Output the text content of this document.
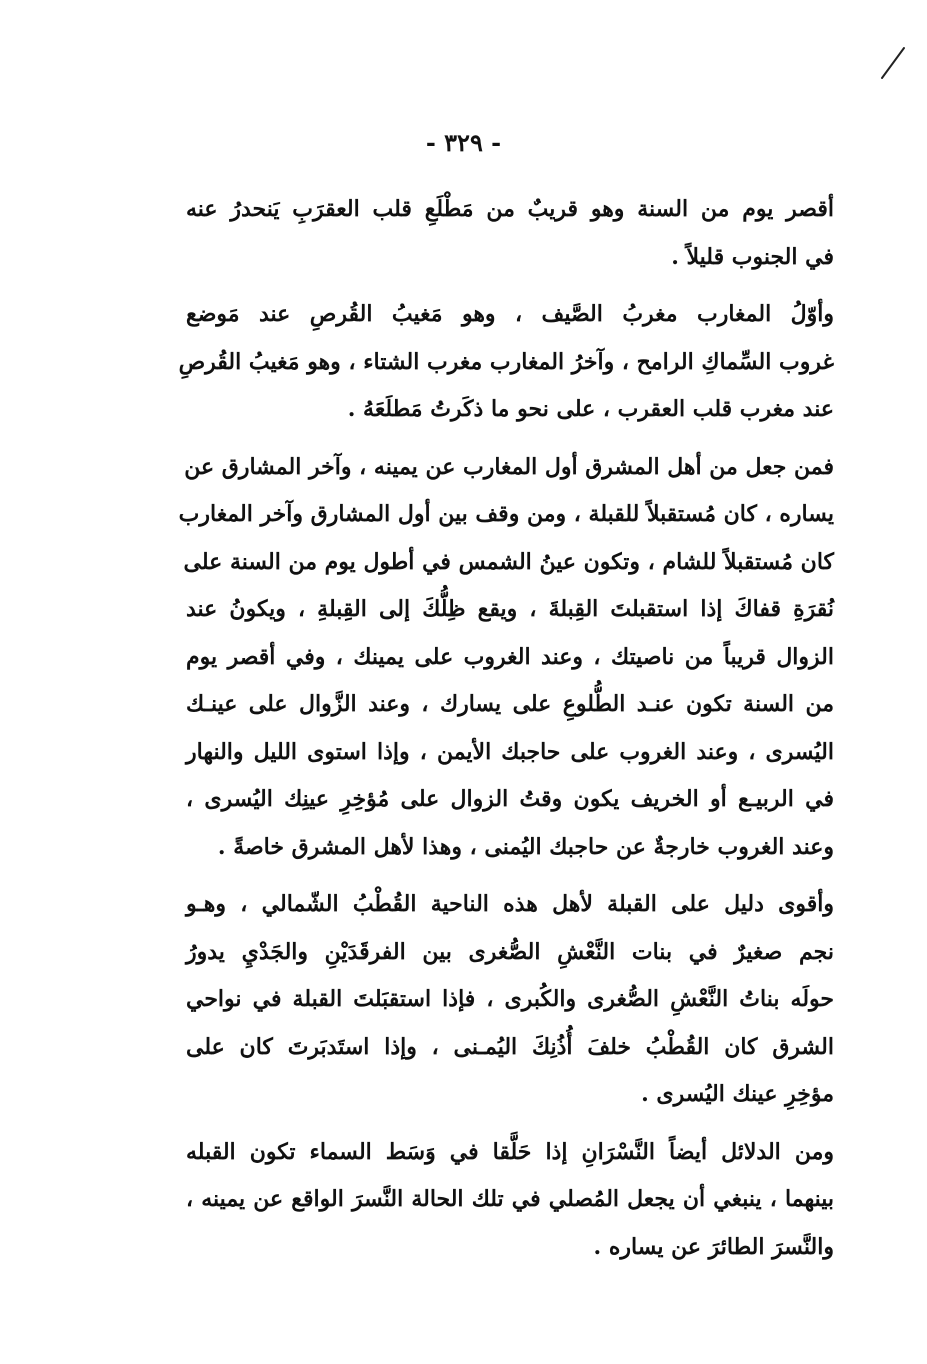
- ٣٢٩ -
أقصر يوم من السنة وهو قريبٌ من مَطْلَعِ قلب العقرَبِ يَنحدرُ عنه
في الجنوب قليلاً .
وأوّلُ المغارب مغربُ الصَّيف ، وهو مَغيبُ القُرصِ عند مَوضع
غروب السِّماكِ الرامح ، وآخرُ المغارب مغرب الشتاء ، وهو مَغيبُ القُرصِ
عند مغرب قلب العقرب ، على نحو ما ذكَرتُ مَطلَعَهُ .
فمن جعل من أهل المشرق أول المغارب عن يمينه ، وآخر المشارق عن
يساره ، كان مُستقبلاً للقبلة ، ومن وقف بين أول المشارق وآخر المغارب
كان مُستقبلاً للشام ، وتكون عينُ الشمس في أطول يوم من السنة على
نُقرَةِ قفاكَ إذا استقبلتَ القِبلةَ ، ويقع ظِلُّكَ إلى القِبلةِ ، ويكونُ عند
الزوال قريباً من ناصيتك ، وعند الغروب على يمينك ، وفي أقصر يوم
من السنة تكون عنـد الطُّلوعِ على يسارك ، وعند الزَّوال على عينـك
اليُسرى ، وعند الغروب على حاجبك الأيمن ، وإذا استوى الليل والنهار
في الربيـع أو الخريف يكون وقتُ الزوال على مُؤخِرِ عينِك اليُسرى ،
وعند الغروب خارجةٌ عن حاجبك اليُمنى ، وهذا لأهل المشرق خاصةً .
وأقوى دليل على القبلة لأهل هذه الناحية القُطْبُ الشّمالي ، وهـو
نجم صغيرٌ في بنات النَّعْشِ الصُّغرى بين الفرقَدَيْنِ والجَدْيِ يدورُ
حولَه بناتُ النَّعْشِ الصُّغرى والكُبرى ، فإذا استقبَلتَ القبلة في نواحي
الشرق كان القُطْبُ خلفَ أُذُنِكَ اليُمـنى ، وإذا استَدبَرتَ كان على
مؤخِرِ عينك اليُسرى .
ومن الدلائل أيضاً النَّسْرَانِ إذا حَلَّقا في وَسَط السماء تكون القبله
بينهما ، ينبغي أن يجعل المُصلي في تلك الحالة النَّسرَ الواقع عن يمينه ،
والنَّسرَ الطائرَ عن يساره .
